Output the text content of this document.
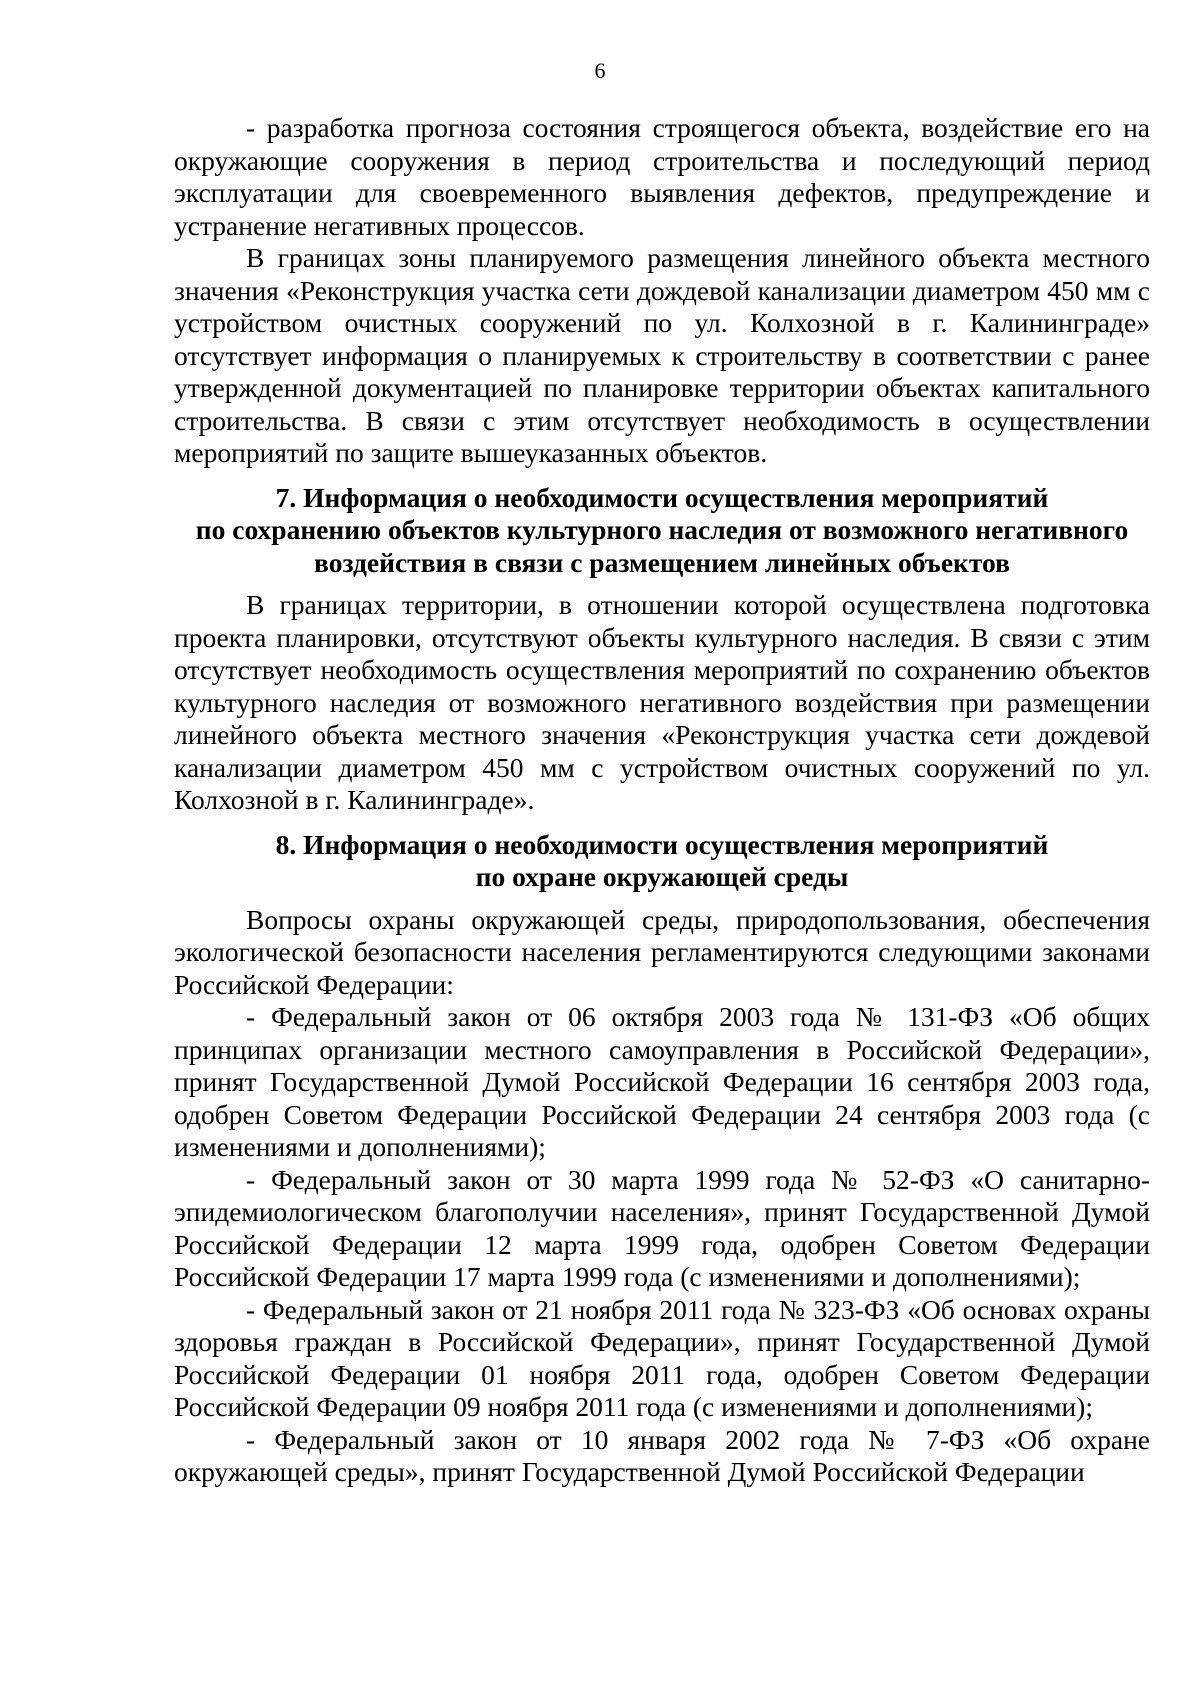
6

- разработка прогноза состояния строящегося объекта, воздействие его на окружающие сооружения в период строительства и последующий период эксплуатации для своевременного выявления дефектов, предупреждение и устранение негативных процессов.

В границах зоны планируемого размещения линейного объекта местного значения «Реконструкция участка сети дождевой канализации диаметром 450 мм с устройством очистных сооружений по ул. Колхозной в г. Калининграде» отсутствует информация о планируемых к строительству в соответствии с ранее утвержденной документацией по планировке территории объектах капитального строительства. В связи с этим отсутствует необходимость в осуществлении мероприятий по защите вышеуказанных объектов.

7. Информация о необходимости осуществления мероприятий
по сохранению объектов культурного наследия от возможного негативного
воздействия в связи с размещением линейных объектов

В границах территории, в отношении которой осуществлена подготовка проекта планировки, отсутствуют объекты культурного наследия. В связи с этим отсутствует необходимость осуществления мероприятий по сохранению объектов культурного наследия от возможного негативного воздействия при размещении линейного объекта местного значения «Реконструкция участка сети дождевой канализации диаметром 450 мм с устройством очистных сооружений по ул. Колхозной в г. Калининграде».

8. Информация о необходимости осуществления мероприятий
по охране окружающей среды

Вопросы охраны окружающей среды, природопользования, обеспечения экологической безопасности населения регламентируются следующими законами Российской Федерации:

- Федеральный закон от 06 октября 2003 года № 131-ФЗ «Об общих принципах организации местного самоуправления в Российской Федерации», принят Государственной Думой Российской Федерации 16 сентября 2003 года, одобрен Советом Федерации Российской Федерации 24 сентября 2003 года (с изменениями и дополнениями);

- Федеральный закон от 30 марта 1999 года № 52-ФЗ «О санитарно-эпидемиологическом благополучии населения», принят Государственной Думой Российской Федерации 12 марта 1999 года, одобрен Советом Федерации Российской Федерации 17 марта 1999 года (с изменениями и дополнениями);

- Федеральный закон от 21 ноября 2011 года № 323-ФЗ «Об основах охраны здоровья граждан в Российской Федерации», принят Государственной Думой Российской Федерации 01 ноября 2011 года, одобрен Советом Федерации Российской Федерации 09 ноября 2011 года (с изменениями и дополнениями);

- Федеральный закон от 10 января 2002 года № 7-ФЗ «Об охране окружающей среды», принят Государственной Думой Российской Федерации
